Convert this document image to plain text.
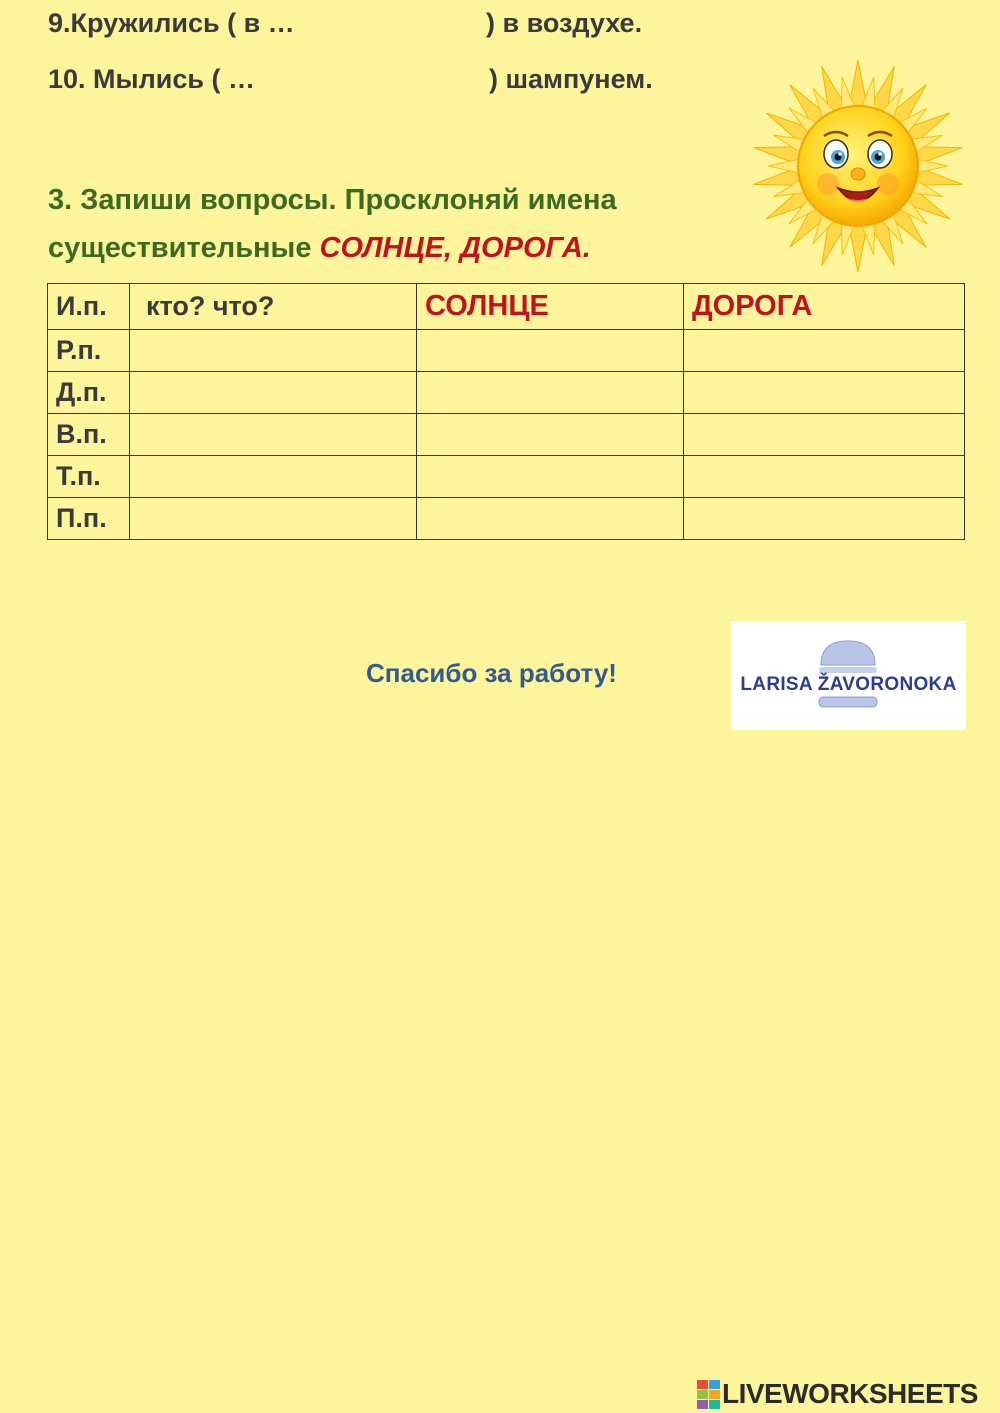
9.Кружились ( в …	) в воздухе.
10. Мылись ( …	) шампунем.
3. Запиши вопросы. Просклоняй имена
существительные СОЛНЦЕ, ДОРОГА.
И.п.	кто? что?	СОЛНЦЕ	ДОРОГА
Р.п.			
Д.п.			
В.п.			
Т.п.			
П.п.			
Спасибо за работу!	LARISA ŽAVORONOKA
LIVEWORKSHEETS
